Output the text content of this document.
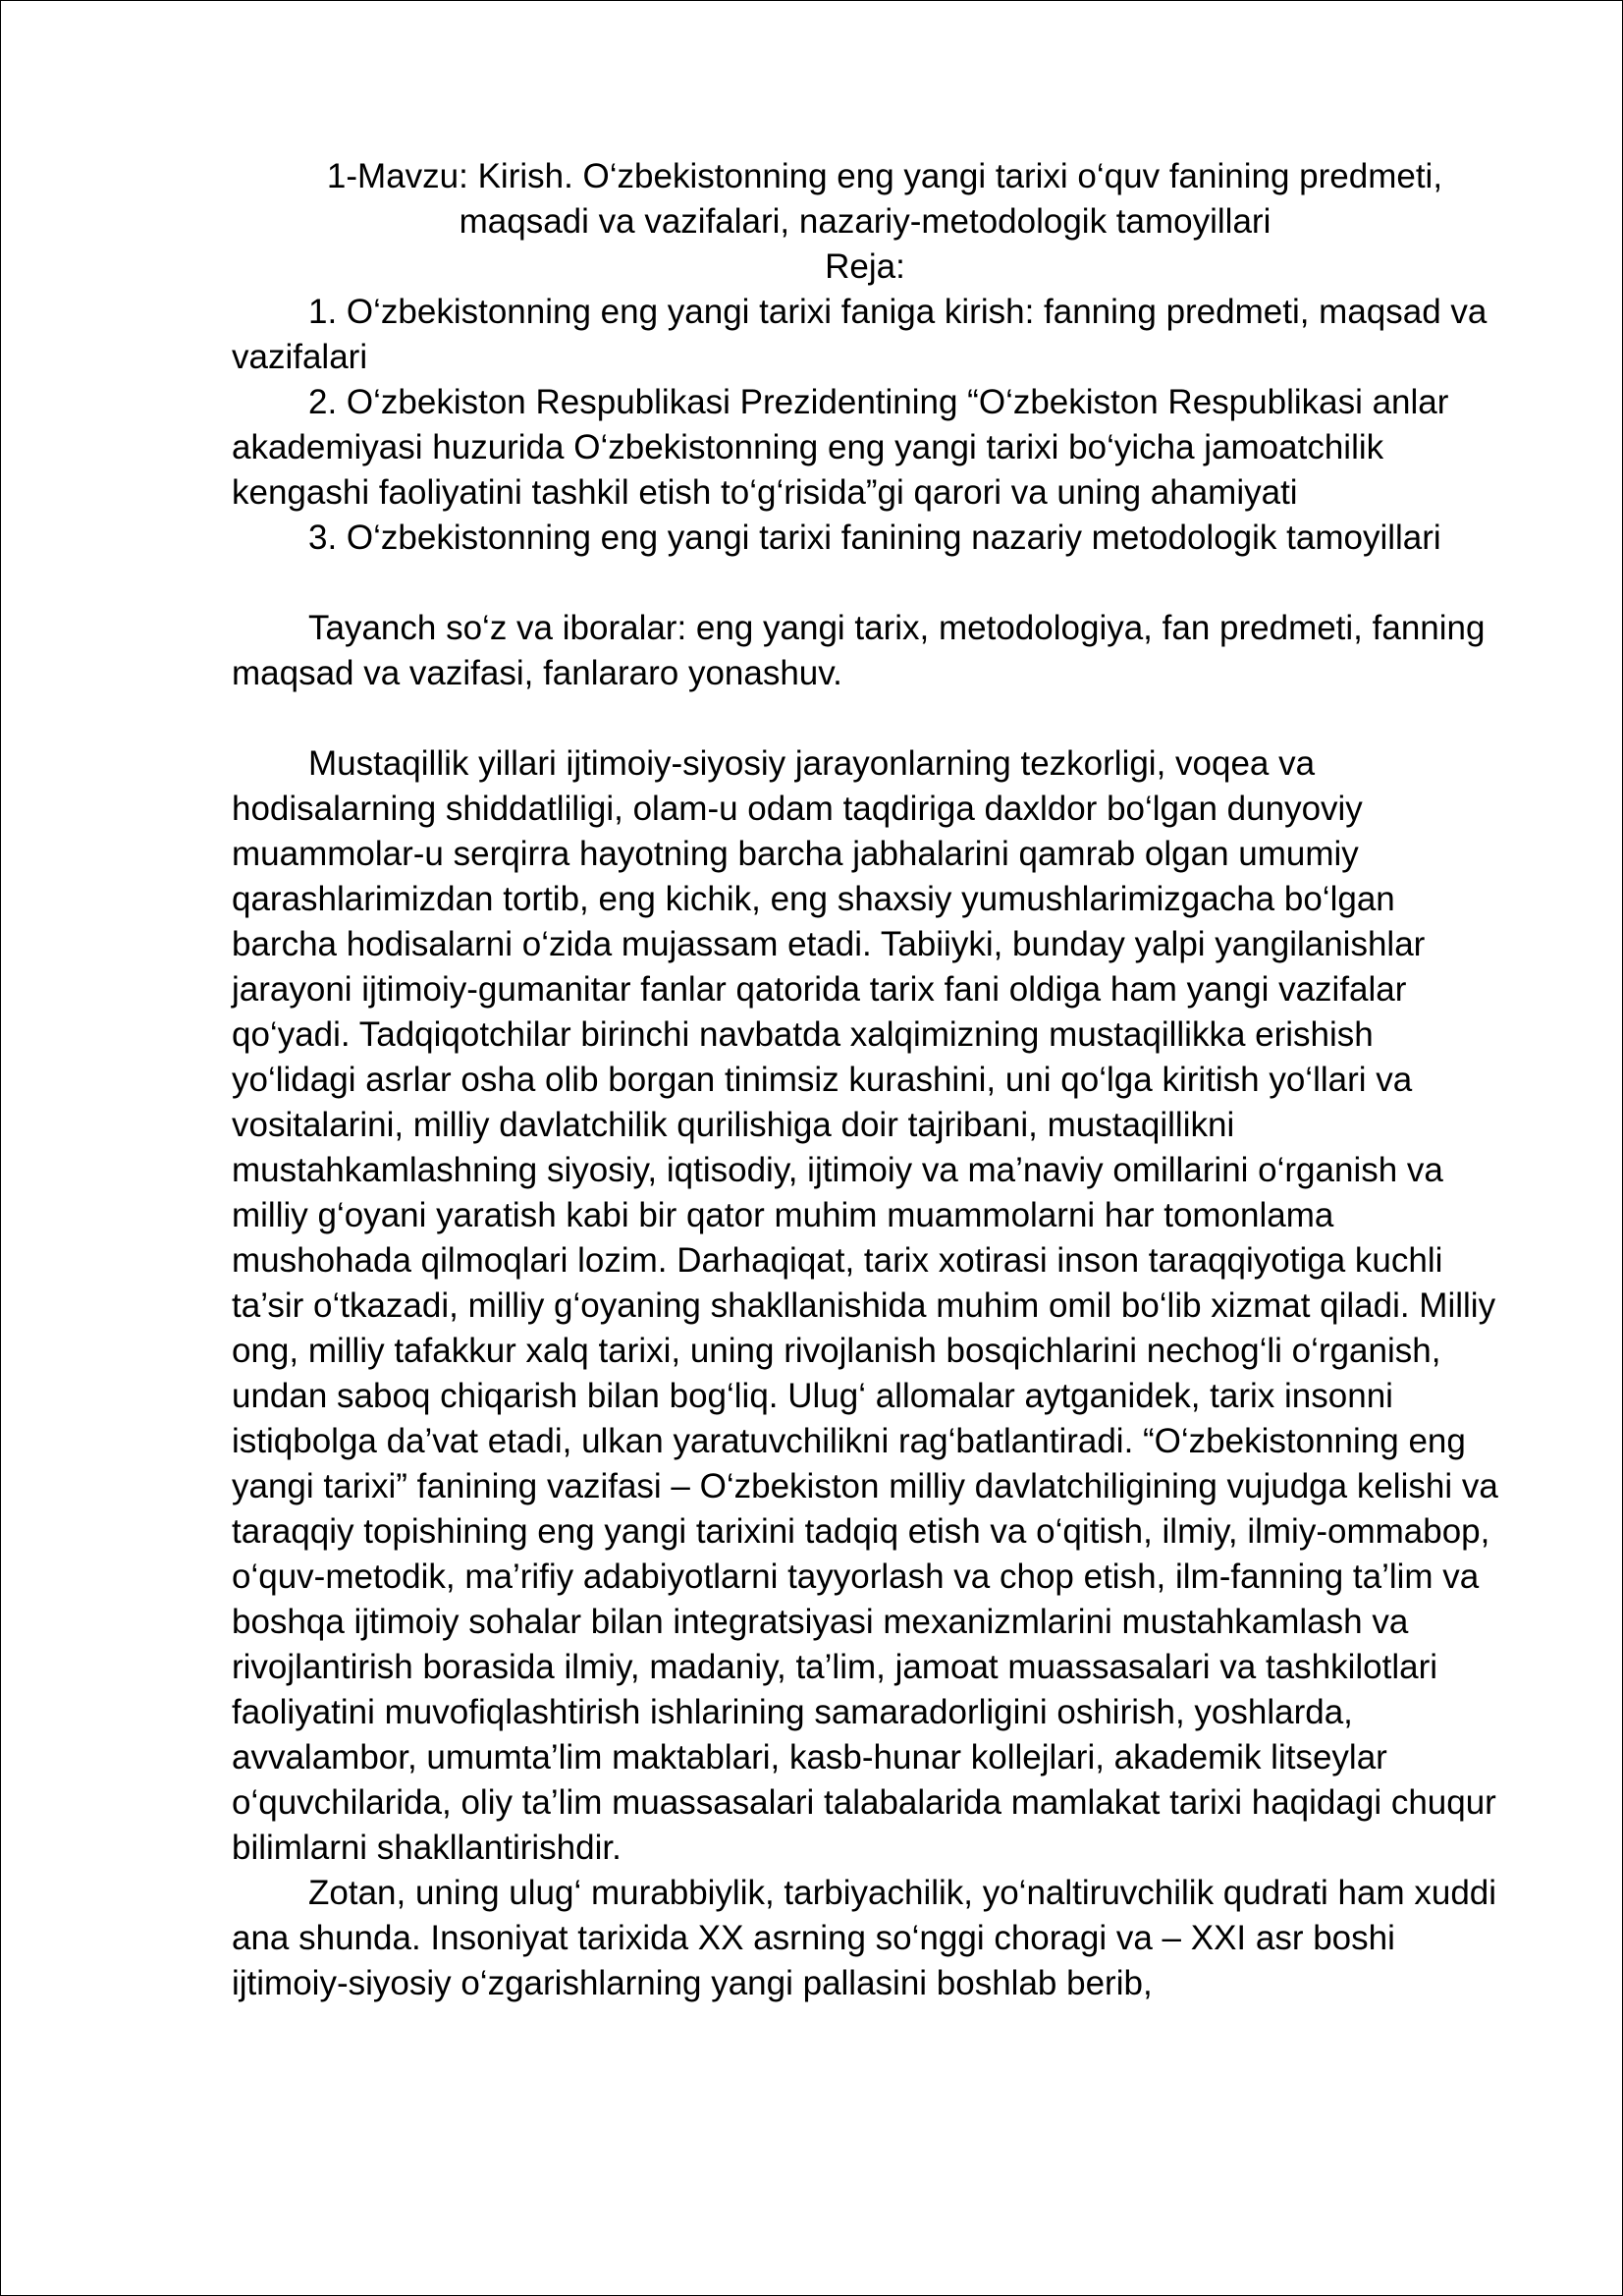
1-Mavzu: Kirish. O‘zbekistonning eng yangi tarixi o‘quv fanining predmeti,
maqsadi va vazifalari, nazariy-metodologik tamoyillari

Reja:

1. O‘zbekistonning eng yangi tarixi faniga kirish: fanning predmeti, maqsad va vazifalari

2. O‘zbekiston Respublikasi Prezidentining “O‘zbekiston Respublikasi anlar akademiyasi huzurida O‘zbekistonning eng yangi tarixi bo‘yicha jamoatchilik kengashi faoliyatini tashkil etish to‘g‘risida”gi qarori va uning ahamiyati

3. O‘zbekistonning eng yangi tarixi fanining nazariy metodologik tamoyillari

Tayanch so‘z va iboralar: eng yangi tarix, metodologiya, fan predmeti, fanning maqsad va vazifasi, fanlararo yonashuv.

Mustaqillik yillari ijtimoiy-siyosiy jarayonlarning tezkorligi, voqea va hodisalarning shiddatliligi, olam-u odam taqdiriga daxldor bo‘lgan dunyoviy muammolar-u serqirra hayotning barcha jabhalarini qamrab olgan umumiy qarashlarimizdan tortib, eng kichik, eng shaxsiy yumushlarimizgacha bo‘lgan barcha hodisalarni o‘zida mujassam etadi. Tabiiyki, bunday yalpi yangilanishlar jarayoni ijtimoiy-gumanitar fanlar qatorida tarix fani oldiga ham yangi vazifalar qo‘yadi. Tadqiqotchilar birinchi navbatda xalqimizning mustaqillikka erishish yo‘lidagi asrlar osha olib borgan tinimsiz kurashini, uni qo‘lga kiritish yo‘llari va vositalarini, milliy davlatchilik qurilishiga doir tajribani, mustaqillikni mustahkamlashning siyosiy, iqtisodiy, ijtimoiy va ma’naviy omillarini o‘rganish va milliy g‘oyani yaratish kabi bir qator muhim muammolarni har tomonlama mushohada qilmoqlari lozim. Darhaqiqat, tarix xotirasi inson taraqqiyotiga kuchli ta’sir o‘tkazadi, milliy g‘oyaning shakllanishida muhim omil bo‘lib xizmat qiladi. Milliy ong, milliy tafakkur xalq tarixi, uning rivojlanish bosqichlarini nechog‘li o‘rganish, undan saboq chiqarish bilan bog‘liq. Ulug‘ allomalar aytganidek, tarix insonni istiqbolga da’vat etadi, ulkan yaratuvchilikni rag‘batlantiradi. “O‘zbekistonning eng yangi tarixi” fanining vazifasi – O‘zbekiston milliy davlatchiligining vujudga kelishi va taraqqiy topishining eng yangi tarixini tadqiq etish va o‘qitish, ilmiy, ilmiy-ommabop, o‘quv-metodik, ma’rifiy adabiyotlarni tayyorlash va chop etish, ilm-fanning ta’lim va boshqa ijtimoiy sohalar bilan integratsiyasi mexanizmlarini mustahkamlash va rivojlantirish borasida ilmiy, madaniy, ta’lim, jamoat muassasalari va tashkilotlari faoliyatini muvofiqlashtirish ishlarining samaradorligini oshirish, yoshlarda, avvalambor, umumta’lim maktablari, kasb-hunar kollejlari, akademik litseylar o‘quvchilarida, oliy ta’lim muassasalari talabalarida mamlakat tarixi haqidagi chuqur bilimlarni shakllantirishdir.

Zotan, uning ulug‘ murabbiylik, tarbiyachilik, yo‘naltiruvchilik qudrati ham xuddi ana shunda. Insoniyat tarixida XX asrning so‘nggi choragi va – XXI asr boshi ijtimoiy-siyosiy o‘zgarishlarning yangi pallasini boshlab berib,
